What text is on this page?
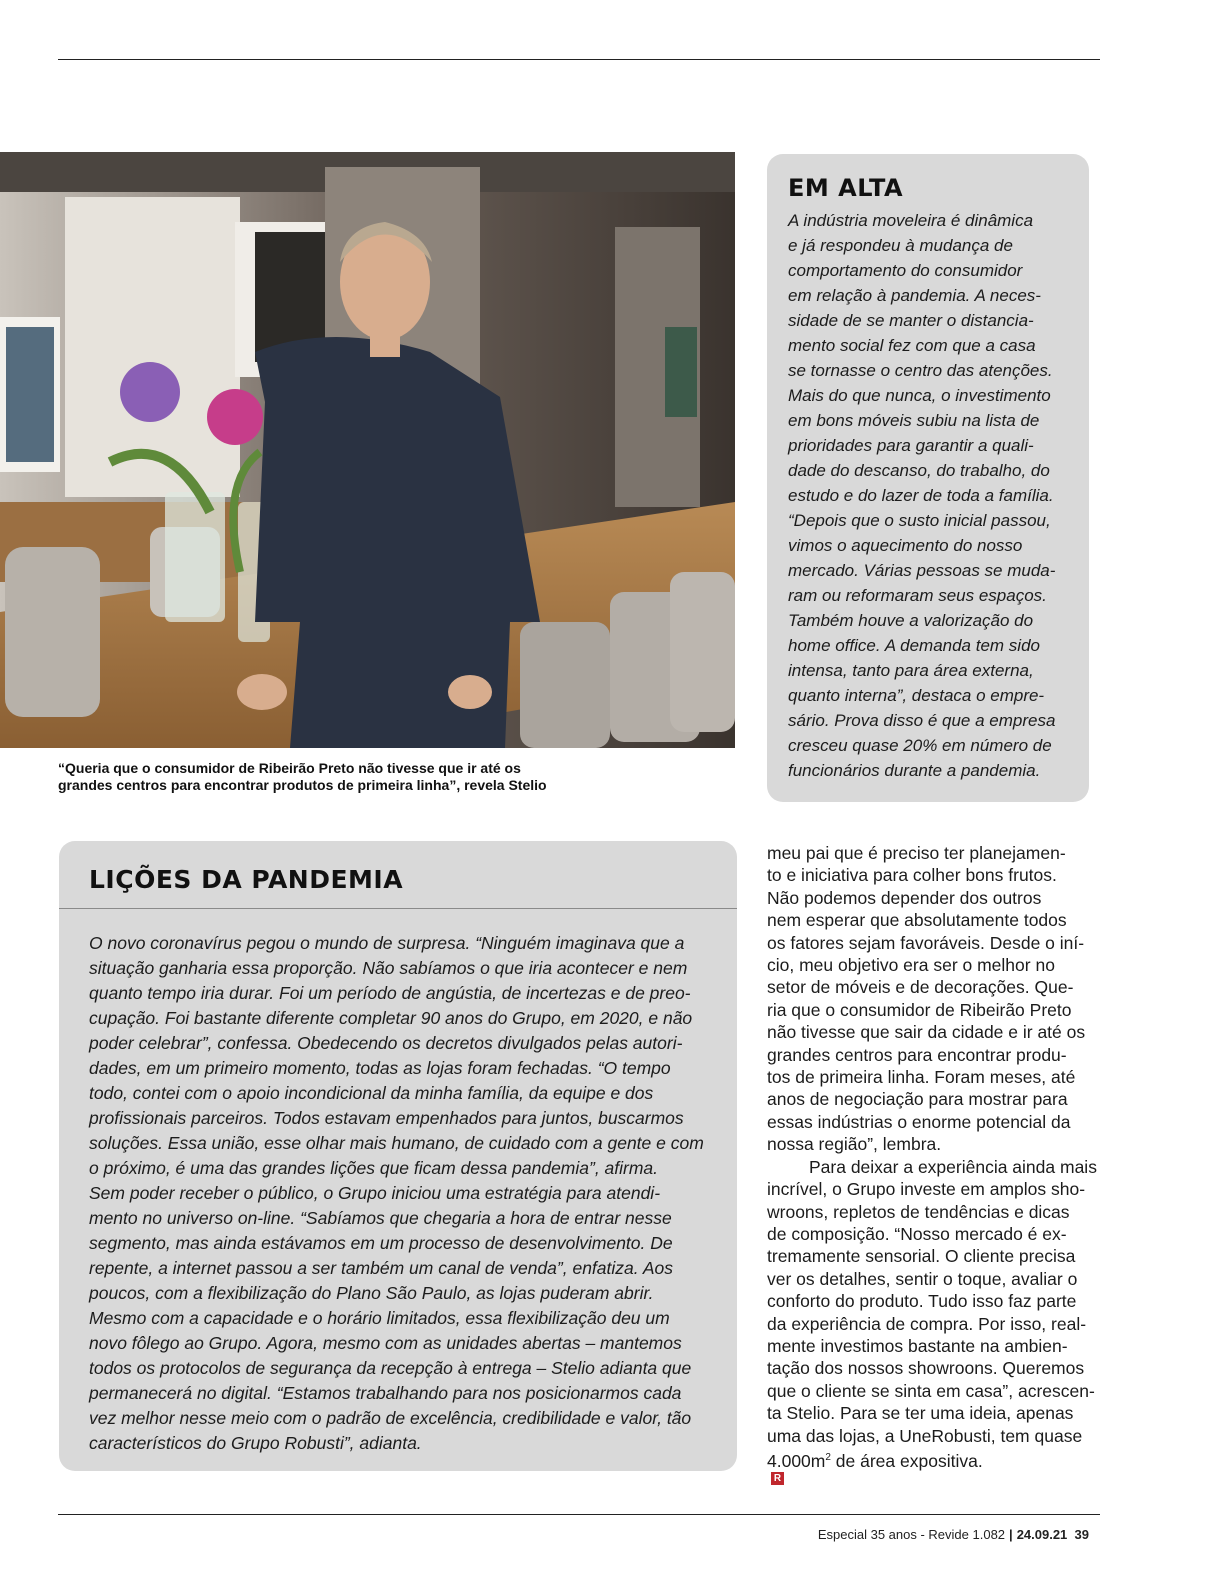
“Queria que o consumidor de Ribeirão Preto não tivesse que ir até os
grandes centros para encontrar produtos de primeira linha”, revela Stelio
EM ALTA
A indústria moveleira é dinâmica
e já respondeu à mudança de
comportamento do consumidor
em relação à pandemia. A neces-
sidade de se manter o distancia-
mento social fez com que a casa
se tornasse o centro das atenções.
Mais do que nunca, o investimento
em bons móveis subiu na lista de
prioridades para garantir a quali-
dade do descanso, do trabalho, do
estudo e do lazer de toda a família.
“Depois que o susto inicial passou,
vimos o aquecimento do nosso
mercado. Várias pessoas se muda-
ram ou reformaram seus espaços.
Também houve a valorização do
home office. A demanda tem sido
intensa, tanto para área externa,
quanto interna”, destaca o empre-
sário. Prova disso é que a empresa
cresceu quase 20% em número de
funcionários durante a pandemia.
LIÇÕES DA PANDEMIA
O novo coronavírus pegou o mundo de surpresa. “Ninguém imaginava que a
situação ganharia essa proporção. Não sabíamos o que iria acontecer e nem
quanto tempo iria durar. Foi um período de angústia, de incertezas e de preo-
cupação. Foi bastante diferente completar 90 anos do Grupo, em 2020, e não
poder celebrar”, confessa. Obedecendo os decretos divulgados pelas autori-
dades, em um primeiro momento, todas as lojas foram fechadas. “O tempo
todo, contei com o apoio incondicional da minha família, da equipe e dos
profissionais parceiros. Todos estavam empenhados para juntos, buscarmos
soluções. Essa união, esse olhar mais humano, de cuidado com a gente e com
o próximo, é uma das grandes lições que ficam dessa pandemia”, afirma.
Sem poder receber o público, o Grupo iniciou uma estratégia para atendi-
mento no universo on-line. “Sabíamos que chegaria a hora de entrar nesse
segmento, mas ainda estávamos em um processo de desenvolvimento. De
repente, a internet passou a ser também um canal de venda”, enfatiza. Aos
poucos, com a flexibilização do Plano São Paulo, as lojas puderam abrir.
Mesmo com a capacidade e o horário limitados, essa flexibilização deu um
novo fôlego ao Grupo. Agora, mesmo com as unidades abertas – mantemos
todos os protocolos de segurança da recepção à entrega – Stelio adianta que
permanecerá no digital. “Estamos trabalhando para nos posicionarmos cada
vez melhor nesse meio com o padrão de excelência, credibilidade e valor, tão
característicos do Grupo Robusti”, adianta.
meu pai que é preciso ter planejamen-
to e iniciativa para colher bons frutos.
Não podemos depender dos outros
nem esperar que absolutamente todos
os fatores sejam favoráveis. Desde o iní-
cio, meu objetivo era ser o melhor no
setor de móveis e de decorações. Que-
ria que o consumidor de Ribeirão Preto
não tivesse que sair da cidade e ir até os
grandes centros para encontrar produ-
tos de primeira linha. Foram meses, até
anos de negociação para mostrar para
essas indústrias o enorme potencial da
nossa região”, lembra.
Para deixar a experiência ainda mais
incrível, o Grupo investe em amplos sho-
wroons, repletos de tendências e dicas
de composição. “Nosso mercado é ex-
tremamente sensorial. O cliente precisa
ver os detalhes, sentir o toque, avaliar o
conforto do produto. Tudo isso faz parte
da experiência de compra. Por isso, real-
mente investimos bastante na ambien-
tação dos nossos showroons. Queremos
que o cliente se sinta em casa”, acrescen-
ta Stelio. Para se ter uma ideia, apenas
uma das lojas, a UneRobusti, tem quase
$4.000m^2$ de área expositiva.
R
Especial 35 anos - Revide 1.082 | 24.09.21 39
